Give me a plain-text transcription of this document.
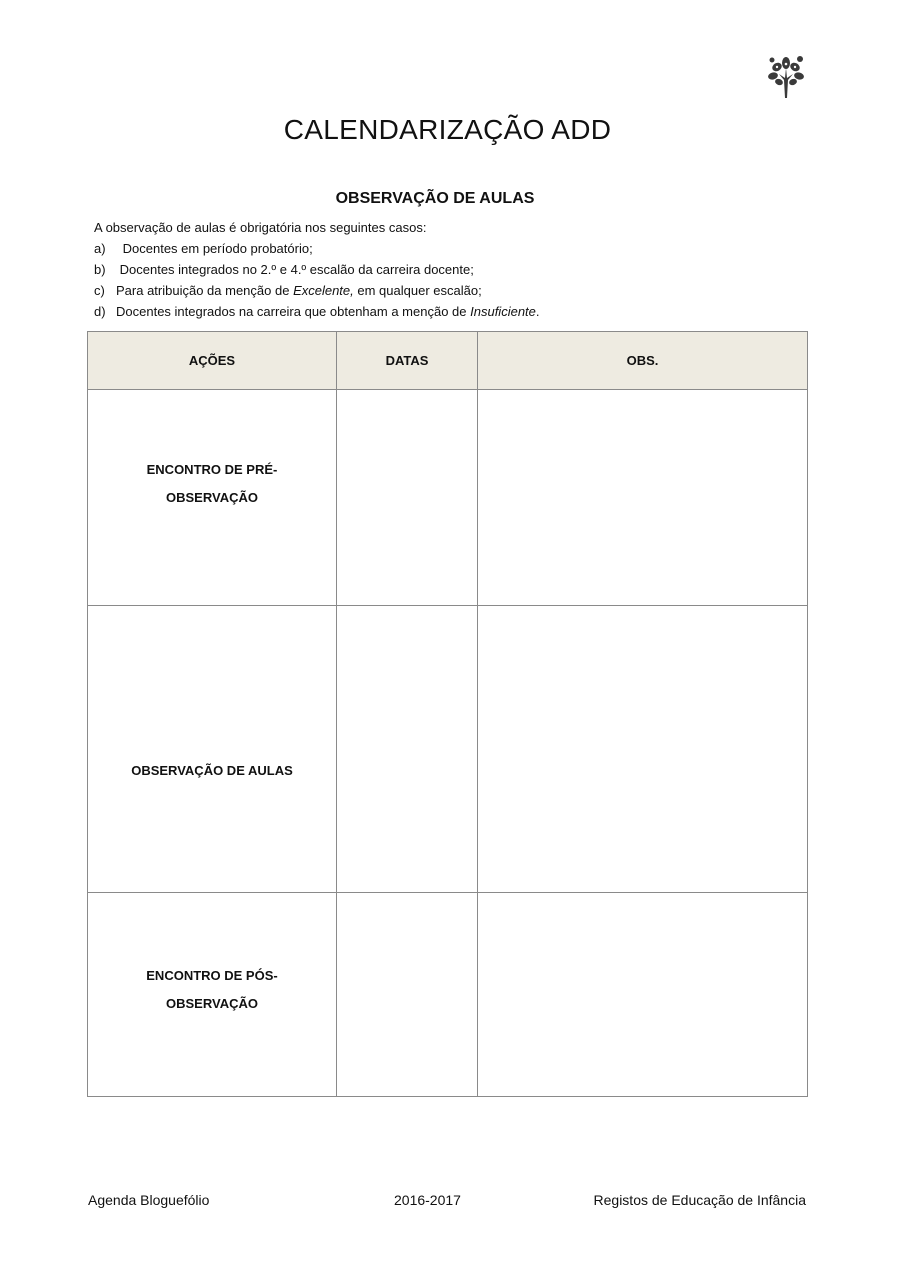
CALENDARIZAÇÃO ADD
OBSERVAÇÃO DE AULAS
A observação de aulas é obrigatória nos seguintes casos:
a) Docentes em período probatório;
b) Docentes integrados no 2.º e 4.º escalão da carreira docente;
c) Para atribuição da menção de Excelente, em qualquer escalão;
d) Docentes integrados na carreira que obtenham a menção de Insuficiente.
AÇÕES	DATAS	OBS.

ENCONTRO DE PRÉ-
OBSERVAÇÃO		

OBSERVAÇÃO DE AULAS		

ENCONTRO DE PÓS-
OBSERVAÇÃO		

Agenda Bloguefólio	2016-2017	Registos de Educação de Infância
